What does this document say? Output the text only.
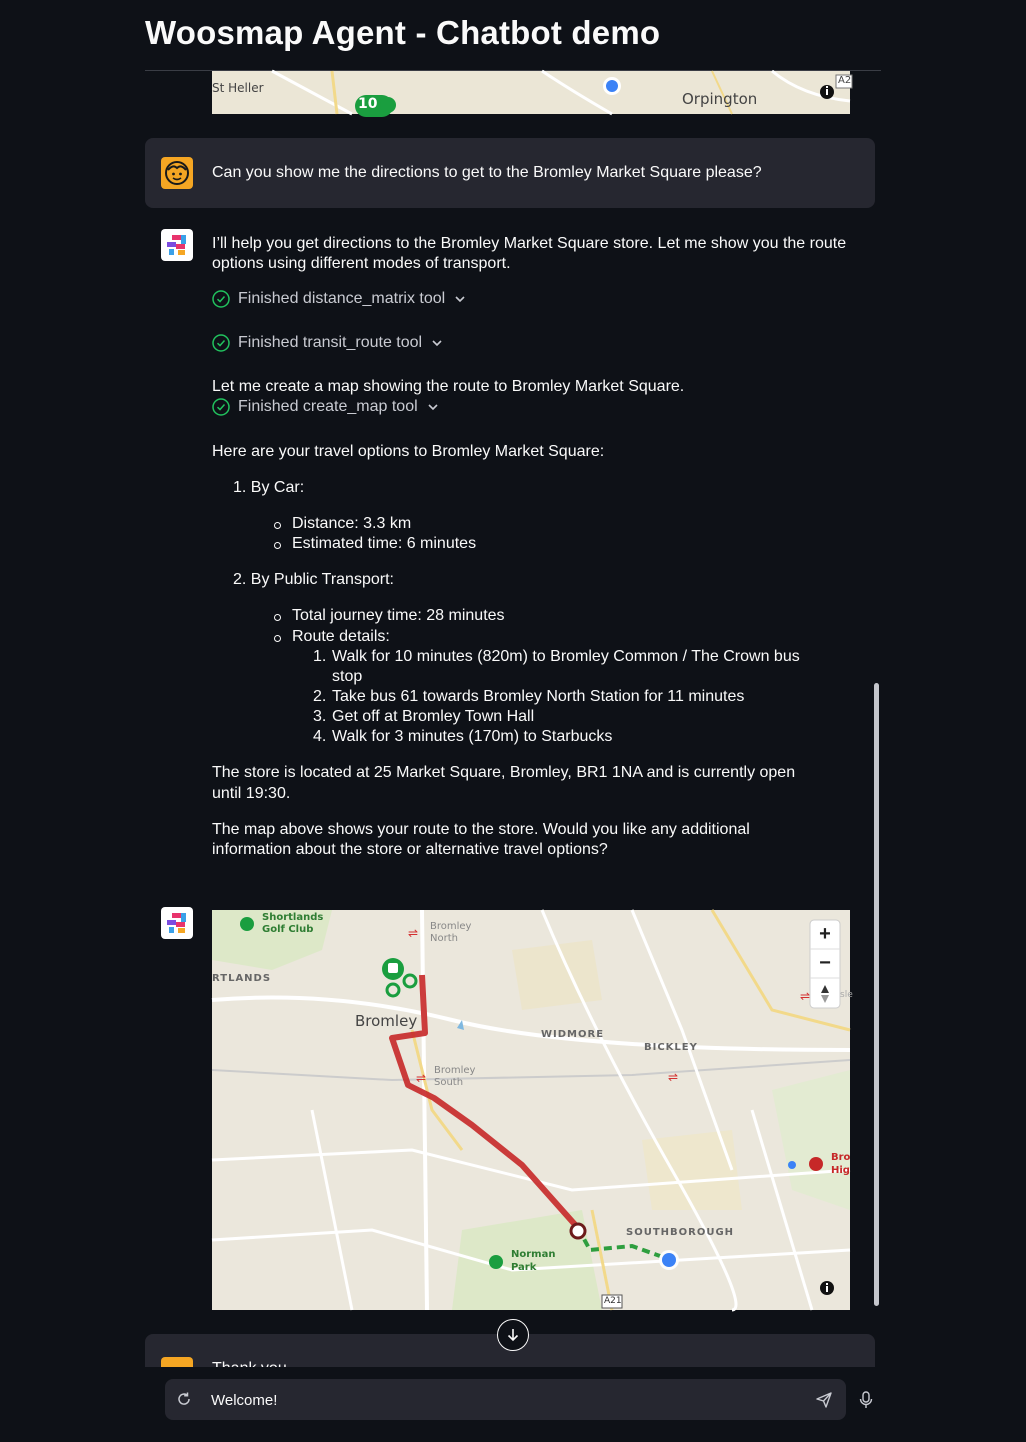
Woosmap Agent - Chatbot demo
St Heller
Orpington
10
A2
Can you show me the directions to get to the Bromley Market Square please?
I’ll help you get directions to the Bromley Market Square store. Let me show you the route options using different modes of transport.
Finished distance_matrix tool
Finished transit_route tool
Let me create a map showing the route to Bromley Market Square.
Finished create_map tool
Here are your travel options to Bromley Market Square:
1. By Car:
Distance: 3.3 km
Estimated time: 6 minutes
2. By Public Transport:
Total journey time: 28 minutes
Route details:
1. Walk for 10 minutes (820m) to Bromley Common / The Crown bus
stop
2. Take bus 61 towards Bromley North Station for 11 minutes
3. Get off at Bromley Town Hall
4. Walk for 3 minutes (170m) to Starbucks
The store is located at 25 Market Square, Bromley, BR1 1NA and is currently open
until 19:30.
The map above shows your route to the store. Would you like any additional
information about the store or alternative travel options?
⇌
⇌	⇌
⇌
Shortlands
Golf Club	Bromley
North
RTLANDS
Bromley
WIDMORE
BICKLEY
Bromley
South
SOUTHBOROUGH
Norman
Park
A21
Bro
Hig
sle
+
−
Welcome!
